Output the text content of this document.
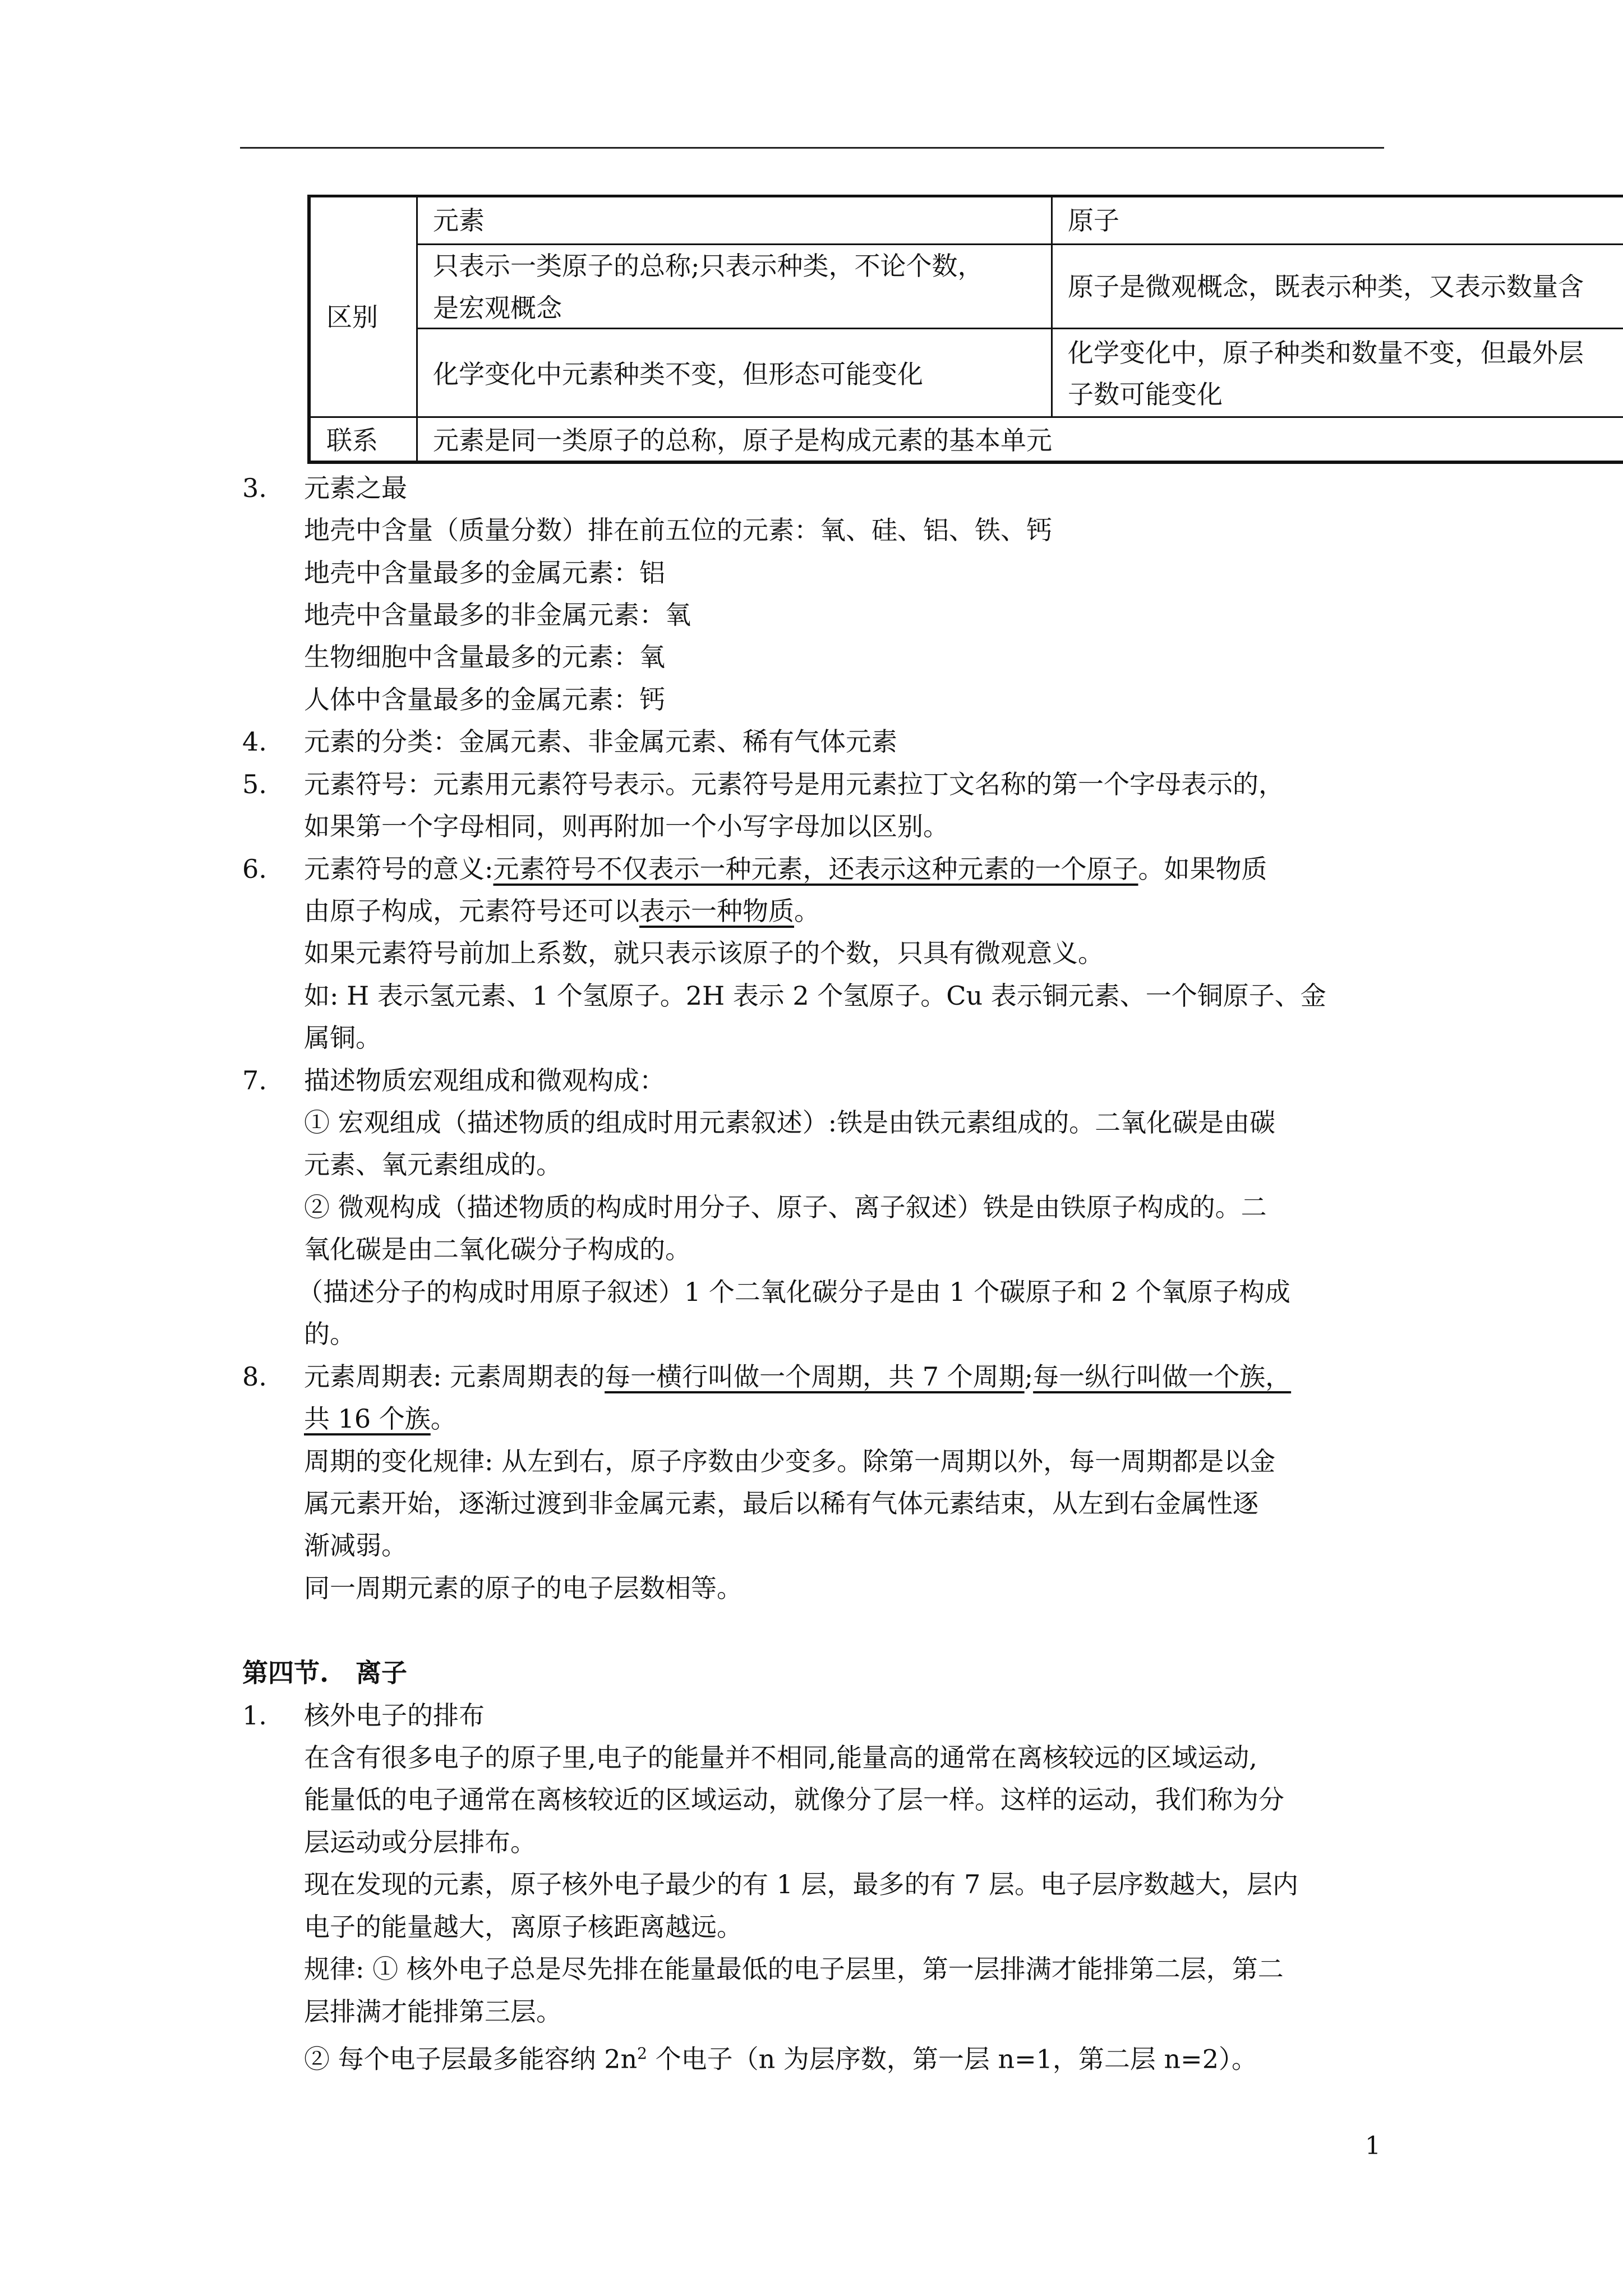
元素	原子
区别
只表示一类原子的总称;只表示种类，不论个数，
是宏观概念
原子是微观概念，既表示种类，又表示数量含
化学变化中元素种类不变，但形态可能变化
化学变化中，原子种类和数量不变，但最外层
子数可能变化
联系 元素是同一类原子的总称，原子是构成元素的基本单元
3. 元素之最
地壳中含量（质量分数）排在前五位的元素：氧、硅、铝、铁、钙
地壳中含量最多的金属元素：铝
地壳中含量最多的非金属元素：氧
生物细胞中含量最多的元素：氧
人体中含量最多的金属元素：钙
4. 元素的分类：金属元素、非金属元素、稀有气体元素
5. 元素符号：元素用元素符号表示。元素符号是用元素拉丁文名称的第一个字母表示的，
如果第一个字母相同，则再附加一个小写字母加以区别。
6. 元素符号的意义:元素符号不仅表示一种元素，还表示这种元素的一个原子。如果物质
由原子构成，元素符号还可以表示一种物质。
如果元素符号前加上系数，就只表示该原子的个数，只具有微观意义。
如: H 表示氢元素、1 个氢原子。2H 表示 2 个氢原子。Cu 表示铜元素、一个铜原子、金
属铜。
7. 描述物质宏观组成和微观构成：
① 宏观组成（描述物质的组成时用元素叙述）:铁是由铁元素组成的。二氧化碳是由碳
元素、氧元素组成的。
② 微观构成（描述物质的构成时用分子、原子、离子叙述）铁是由铁原子构成的。二
氧化碳是由二氧化碳分子构成的。
（描述分子的构成时用原子叙述）1 个二氧化碳分子是由 1 个碳原子和 2 个氧原子构成
的。
8. 元素周期表: 元素周期表的每一横行叫做一个周期，共 7 个周期;每一纵行叫做一个族，
共 16 个族。
周期的变化规律: 从左到右，原子序数由少变多。除第一周期以外，每一周期都是以金
属元素开始，逐渐过渡到非金属元素，最后以稀有气体元素结束，从左到右金属性逐
渐减弱。
同一周期元素的原子的电子层数相等。
第四节.   离子
1. 核外电子的排布
在含有很多电子的原子里,电子的能量并不相同,能量高的通常在离核较远的区域运动,
能量低的电子通常在离核较近的区域运动，就像分了层一样。这样的运动，我们称为分
层运动或分层排布。
现在发现的元素，原子核外电子最少的有 1 层，最多的有 7 层。电子层序数越大，层内
电子的能量越大，离原子核距离越远。
规律: ① 核外电子总是尽先排在能量最低的电子层里，第一层排满才能排第二层，第二
层排满才能排第三层。
② 每个电子层最多能容纳 $2n^2$ 个电子（n 为层序数，第一层 n=1，第二层 n=2）。
1
